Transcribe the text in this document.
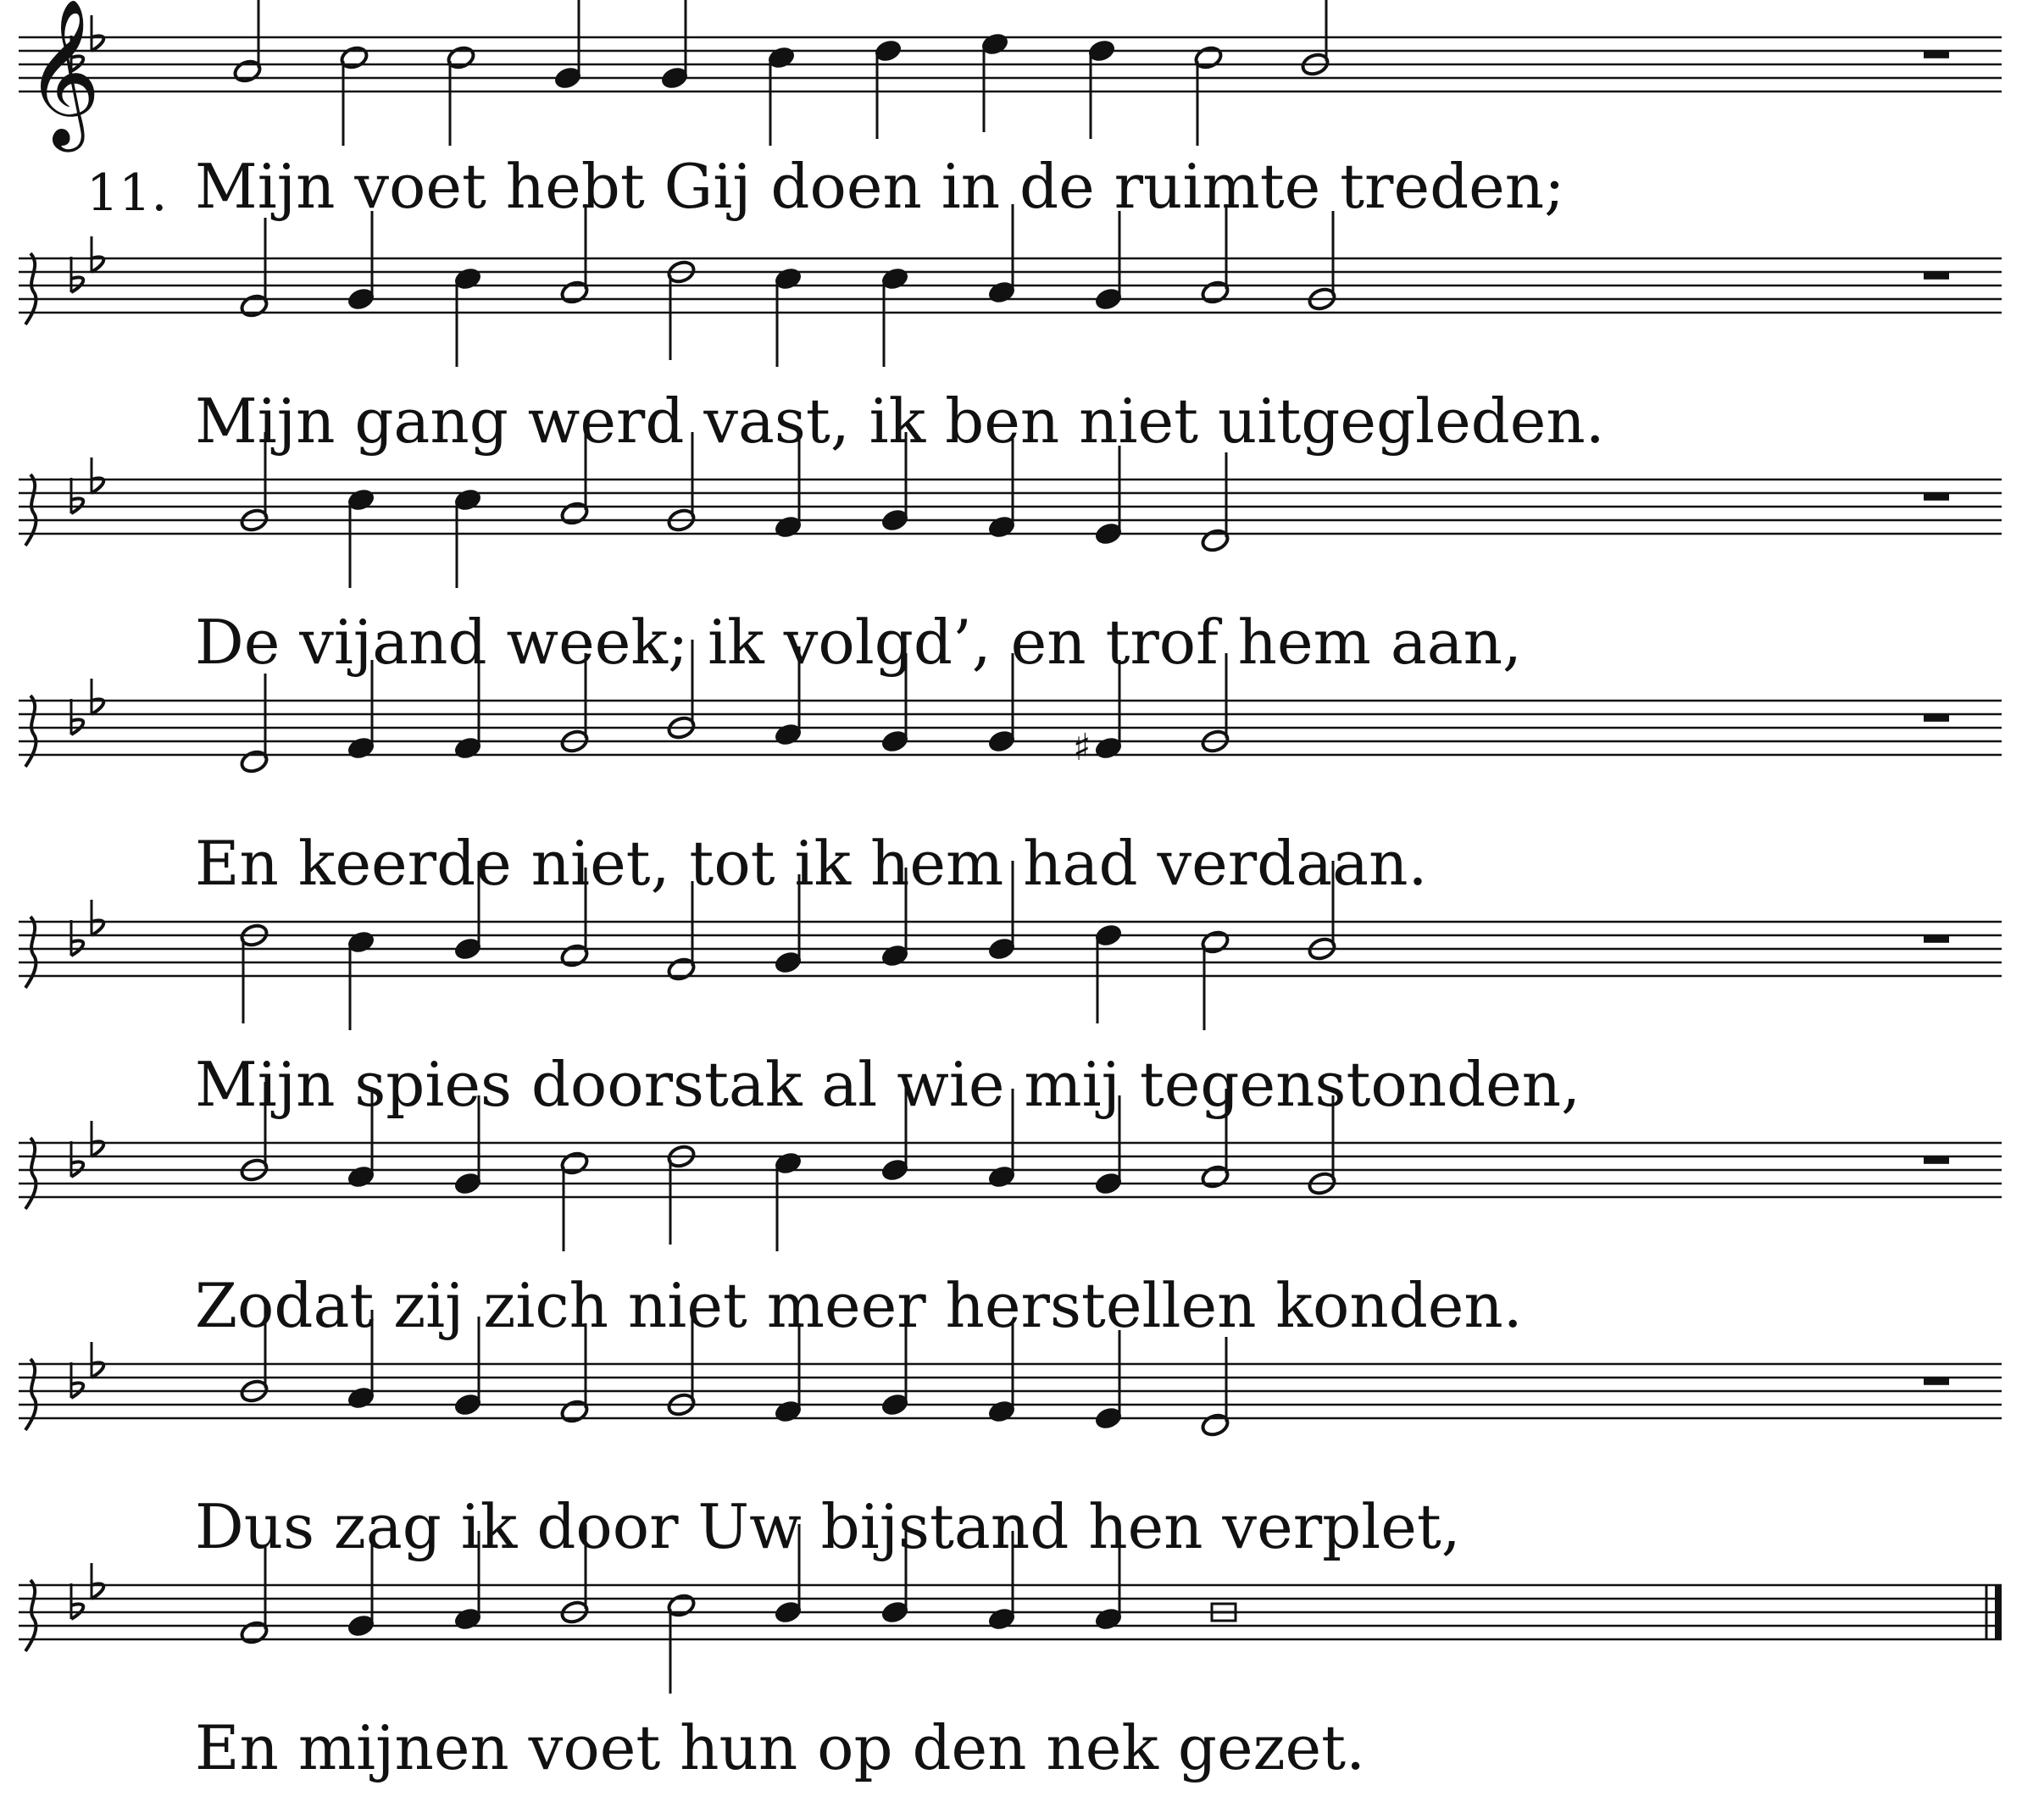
𝄞
♯
Mijn voet hebt Gij doen in de ruimte treden;
Mijn gang werd vast, ik ben niet uitgegleden.
De vijand week; ik volgd’, en trof hem aan,
En keerde niet, tot ik hem had verdaan.
Mijn spies doorstak al wie mij tegenstonden,
Zodat zij zich niet meer herstellen konden.
Dus zag ik door Uw bijstand hen verplet,
En mijnen voet hun op den nek gezet.
11.
